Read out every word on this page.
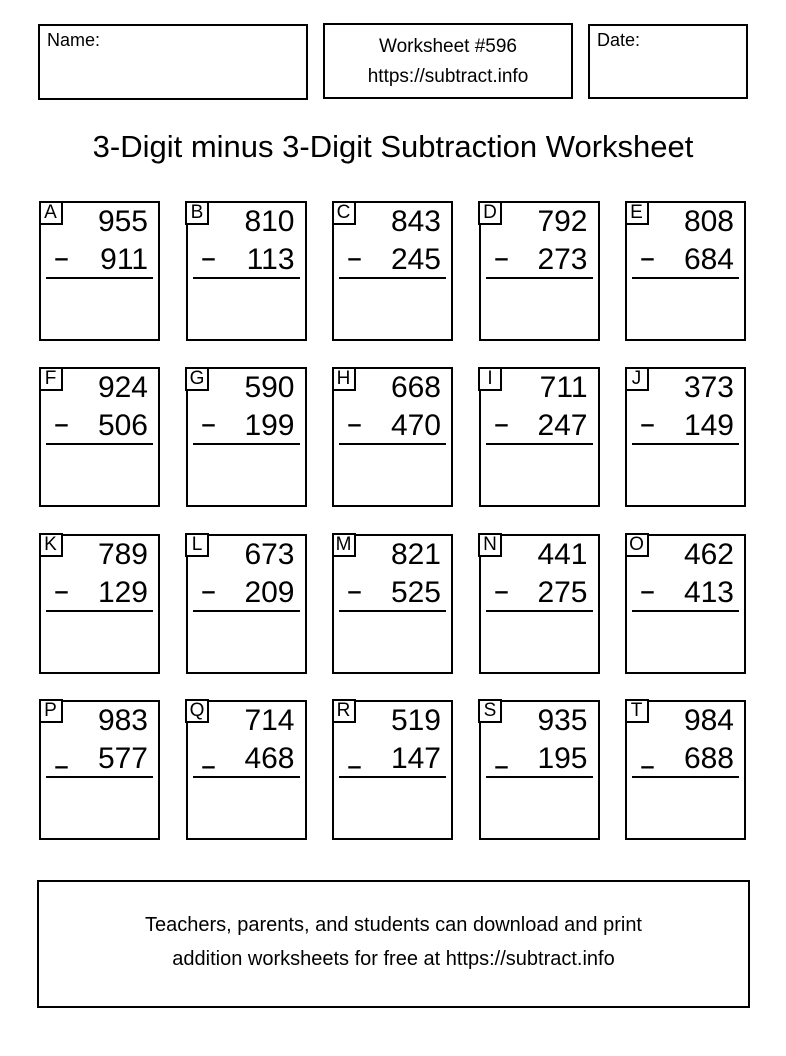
Name:	Worksheet #596
https://subtract.info
Date:
3-Digit minus 3-Digit Subtraction Worksheet
A	955
- 911
B	810
- 113
C	843
- 245
D	792
- 273
E	808
- 684
F	924
- 506
G	590
- 199
H	668
- 470
I	711
- 247
J	373
- 149
K	789
- 129
L	673
- 209
M	821
- 525
N	441
- 275
O	462
- 413
P	983
- 577
Q	714
- 468
R	519
- 147
S	935
- 195
T	984
- 688
Teachers, parents, and students can download and print
addition worksheets for free at https://subtract.info
